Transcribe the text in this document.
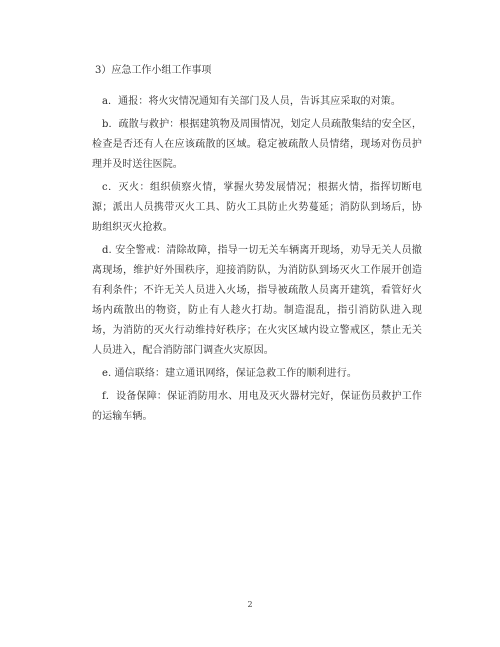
3）应急工作小组工作事项

a．通报：将火灾情况通知有关部门及人员，告诉其应采取的对策。

b．疏散与救护：根据建筑物及周围情况，划定人员疏散集结的安全区，检查是否还有人在应该疏散的区域。稳定被疏散人员情绪，现场对伤员护理并及时送往医院。

c．灭火：组织侦察火情，掌握火势发展情况；根据火情，指挥切断电源；派出人员携带灭火工具、防火工具防止火势蔓延；消防队到场后，协助组织灭火抢救。

d. 安全警戒：清除故障，指导一切无关车辆离开现场，劝导无关人员撤离现场，维护好外围秩序，迎接消防队，为消防队到场灭火工作展开创造有利条件；不许无关人员进入火场，指导被疏散人员离开建筑，看管好火场内疏散出的物资，防止有人趁火打劫。制造混乱，指引消防队进入现场，为消防的灭火行动维持好秩序；在火灾区域内设立警戒区，禁止无关人员进入，配合消防部门调查火灾原因。

e. 通信联络：建立通讯网络，保证急救工作的顺利进行。

f．设备保障：保证消防用水、用电及灭火器材完好，保证伤员救护工作的运输车辆。

2
